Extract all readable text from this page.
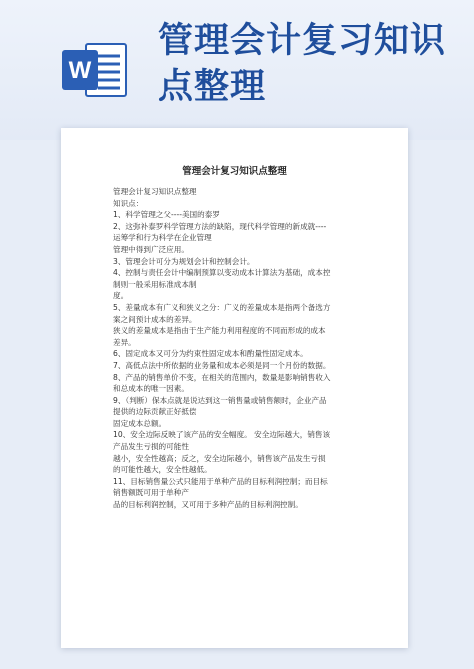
W
管理会计复习知识点整理

管理会计复习知识点整理

管理会计复习知识点整理

知识点：

1、科学管理之父----美国的泰罗

2、这弥补泰罗科学管理方法的缺陷，现代科学管理的新成就----

运筹学和行为科学在企业管理

管理中得到广泛应用。

3、管理会计可分为规划会计和控制会计。

4、控制与责任会计中编制预算以变动成本计算法为基础，成本控

制则一般采用标准成本制

度。

5、差量成本有广义和狭义之分：广义的差量成本是指两个备选方

案之间预计成本的差异。

狭义的差量成本是指由于生产能力利用程度的不同而形成的成本

差异。

6、固定成本又可分为约束性固定成本和酌量性固定成本。

7、高低点法中所依据的业务量和成本必须是同一个月份的数据。

8、产品的销售单价不变，在相关的范围内，数量是影响销售收入

和总成本的唯一因素。

9、（判断）保本点就是说达到这一销售量或销售额时，企业产品

提供的边际贡献正好抵偿

固定成本总额。

10、安全边际反映了该产品的安全幅度。 安全边际越大，销售该

产品发生亏损的可能性

越小，安全性越高；反之，安全边际越小，销售该产品发生亏损

的可能性越大，安全性越低。

11、目标销售量公式只能用于单种产品的目标利润控制；而目标

销售额既可用于单种产

品的目标利润控制，又可用于多种产品的目标利润控制。
